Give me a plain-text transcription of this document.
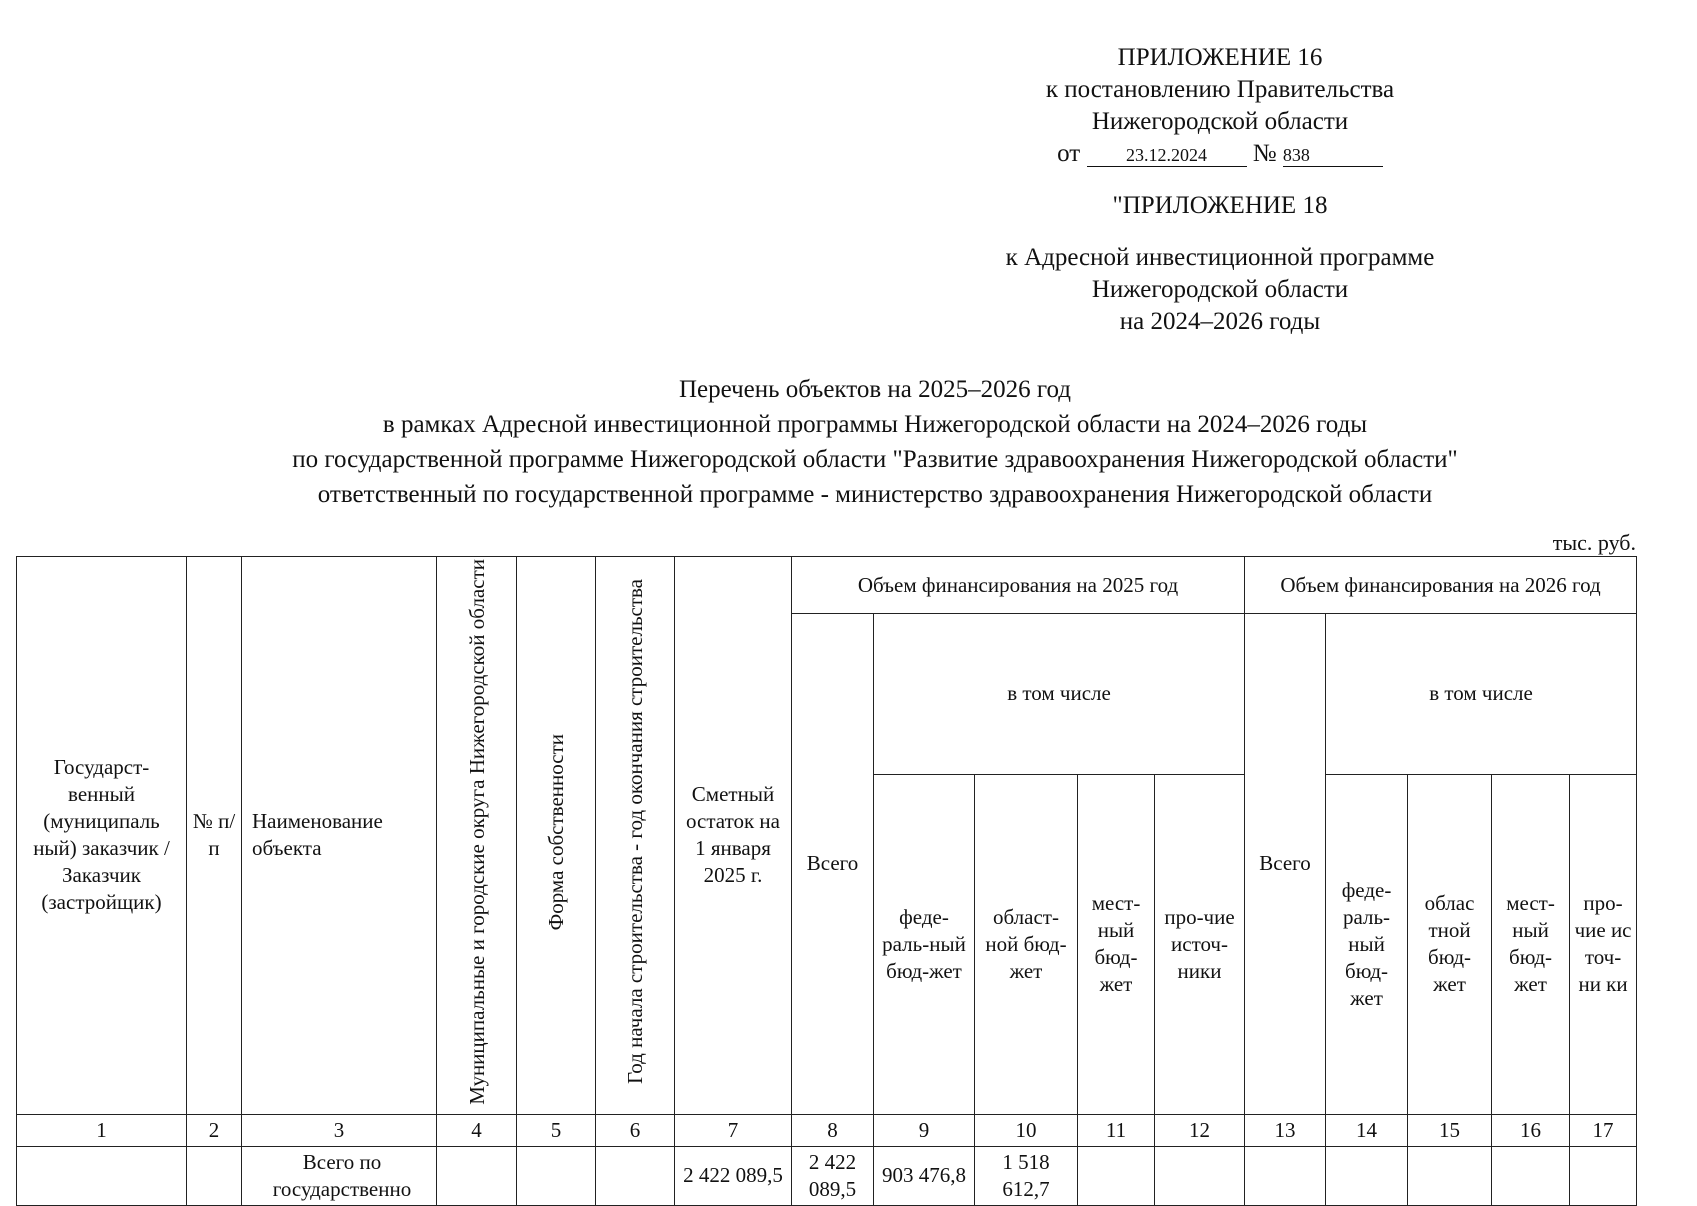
ПРИЛОЖЕНИЕ 16
к постановлению Правительства
Нижегородской области
от	23.12.2024 № 838
"ПРИЛОЖЕНИЕ 18
к Адресной инвестиционной программе
Нижегородской области
на 2024–2026 годы
Перечень объектов на 2025–2026 год
в рамках Адресной инвестиционной программы Нижегородской области на 2024–2026 годы
по государственной программе Нижегородской области "Развитие здравоохранения Нижегородской области"
ответственный по государственной программе - министерство здравоохранения Нижегородской области
тыс. руб.
Государст-венный (муниципаль ный) заказчик / Заказчик (застройщик)	№ п/п	Наименование объекта	Муниципальные и городские округа Нижегородской области	Форма собственности	Год начала строительства - год окончания строительства	Сметный остаток на 1 января 2025 г.	Объем финансирования на 2025 год					Объем финансирования на 2026 год				
							Всего	в том числе				Всего	в том числе			
								феде-раль-ный бюд-жет	област-ной бюд-жет	мест-ный бюд-жет	про-чие источ-ники		феде-раль-ный бюд-жет	облас тной бюд-жет	мест-ный бюд-жет	про-чие ис точ-ни ки
1	2	3	4	5	6	7	8	9	10	11	12	13	14	15	16	17
		Всего по государственно				2 422 089,5	2 422 089,5	903 476,8	1 518 612,7							
